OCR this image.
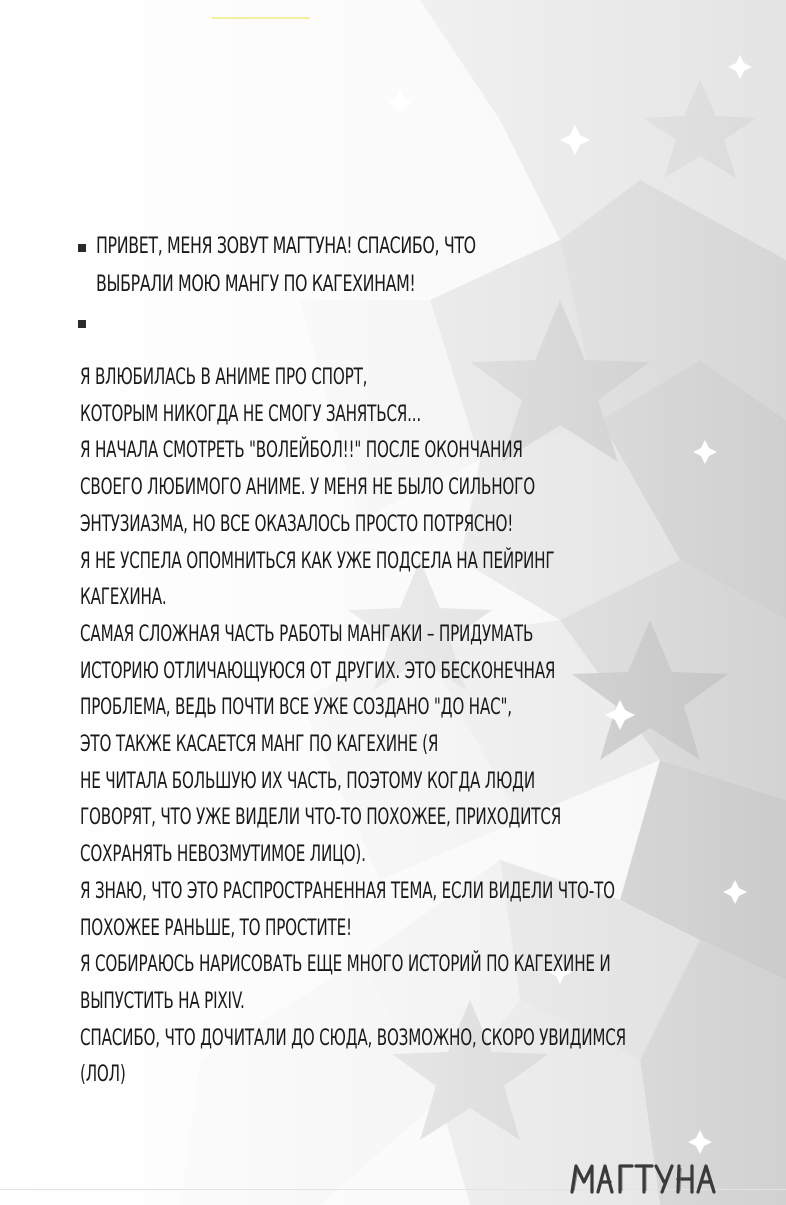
ПРИВЕТ, МЕНЯ ЗОВУТ МАГТУНА! СПАСИБО, ЧТО
ВЫБРАЛИ МОЮ МАНГУ ПО КАГЕХИНАМ!
Я ВЛЮБИЛАСЬ В АНИМЕ ПРО СПОРТ,
КОТОРЫМ НИКОГДА НЕ СМОГУ ЗАНЯТЬСЯ...
Я НАЧАЛА СМОТРЕТЬ "ВОЛЕЙБОЛ!!" ПОСЛЕ ОКОНЧАНИЯ
СВОЕГО ЛЮБИМОГО АНИМЕ. У МЕНЯ НЕ БЫЛО СИЛЬНОГО
ЭНТУЗИАЗМА, НО ВСЕ ОКАЗАЛОСЬ ПРОСТО ПОТРЯСНО!
Я НЕ УСПЕЛА ОПОМНИТЬСЯ КАК УЖЕ ПОДСЕЛА НА ПЕЙРИНГ
КАГЕХИНА.
САМАЯ СЛОЖНАЯ ЧАСТЬ РАБОТЫ МАНГАКИ – ПРИДУМАТЬ
ИСТОРИЮ ОТЛИЧАЮЩУЮСЯ ОТ ДРУГИХ. ЭТО БЕСКОНЕЧНАЯ
ПРОБЛЕМА, ВЕДЬ ПОЧТИ ВСЕ УЖЕ СОЗДАНО "ДО НАС",
ЭТО ТАКЖЕ КАСАЕТСЯ МАНГ ПО КАГЕХИНЕ (Я
НЕ ЧИТАЛА БОЛЬШУЮ ИХ ЧАСТЬ, ПОЭТОМУ КОГДА ЛЮДИ
ГОВОРЯТ, ЧТО УЖЕ ВИДЕЛИ ЧТО-ТО ПОХОЖЕЕ, ПРИХОДИТСЯ
СОХРАНЯТЬ НЕВОЗМУТИМОЕ ЛИЦО).
Я ЗНАЮ, ЧТО ЭТО РАСПРОСТРАНЕННАЯ ТЕМА, ЕСЛИ ВИДЕЛИ ЧТО-ТО
ПОХОЖЕЕ РАНЬШЕ, ТО ПРОСТИТЕ!
Я СОБИРАЮСЬ НАРИСОВАТЬ ЕЩЕ МНОГО ИСТОРИЙ ПО КАГЕХИНЕ И
ВЫПУСТИТЬ НА PIXIV.
СПАСИБО, ЧТО ДОЧИТАЛИ ДО СЮДА, ВОЗМОЖНО, СКОРО УВИДИМСЯ
(ЛОЛ)
